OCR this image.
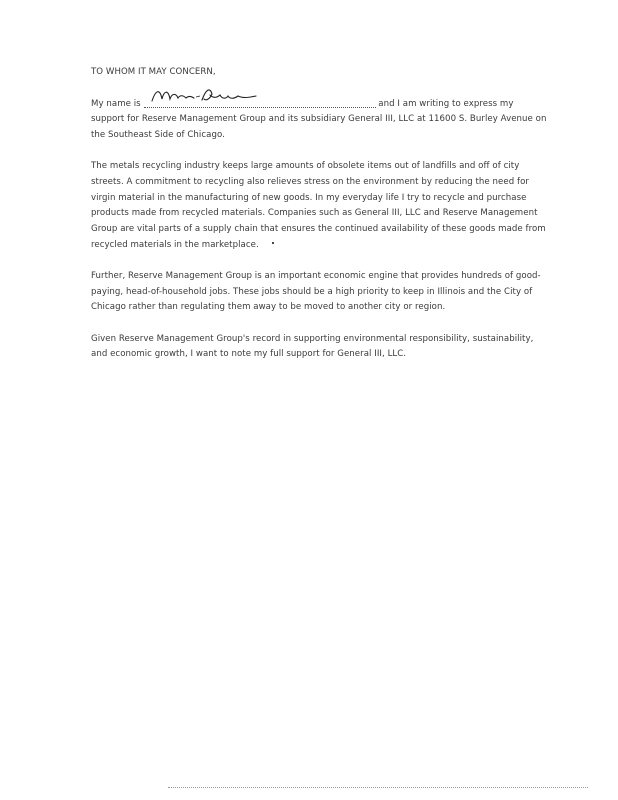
TO WHOM IT MAY CONCERN,

My name is	and I am writing to express my support for Reserve Management Group and its subsidiary General III, LLC at 11600 S. Burley Avenue on the Southeast Side of Chicago.

The metals recycling industry keeps large amounts of obsolete items out of landfills and off of city streets. A commitment to recycling also relieves stress on the environment by reducing the need for virgin material in the manufacturing of new goods. In my everyday life I try to recycle and purchase products made from recycled materials. Companies such as General III, LLC and Reserve Management Group are vital parts of a supply chain that ensures the continued availability of these goods made from recycled materials in the marketplace.

Further, Reserve Management Group is an important economic engine that provides hundreds of good-paying, head-of-household jobs. These jobs should be a high priority to keep in Illinois and the City of Chicago rather than regulating them away to be moved to another city or region.

Given Reserve Management Group's record in supporting environmental responsibility, sustainability, and economic growth, I want to note my full support for General III, LLC.
